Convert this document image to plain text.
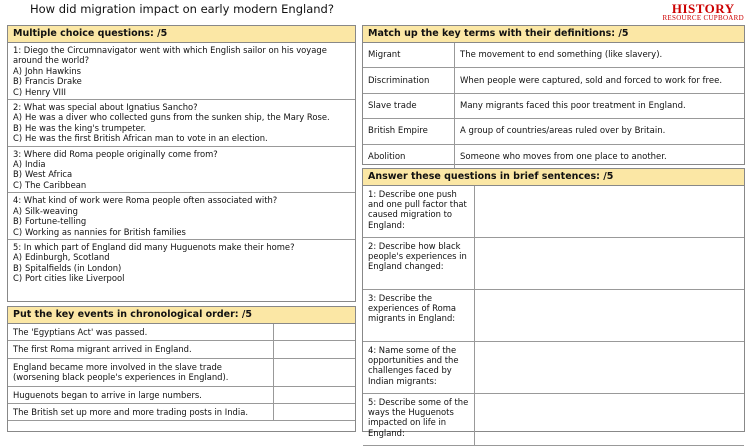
How did migration impact on early modern England?	HISTORY
RESOURCE CUPBOARD
Multiple choice questions: /5
1: Diego the Circumnavigator went with which English sailor on his voyage around the world?
A) John Hawkins
B) Francis Drake
C) Henry VIII
2: What was special about Ignatius Sancho?
A) He was a diver who collected guns from the sunken ship, the Mary Rose.
B) He was the king's trumpeter.
C) He was the first British African man to vote in an election.
3: Where did Roma people originally come from?
A) India
B) West Africa
C) The Caribbean
4: What kind of work were Roma people often associated with?
A) Silk-weaving
B) Fortune-telling
C) Working as nannies for British families
5: In which part of England did many Huguenots make their home?
A) Edinburgh, Scotland
B) Spitalfields (in London)
C) Port cities like Liverpool
Put the key events in chronological order: /5
The 'Egyptians Act' was passed.
The first Roma migrant arrived in England.
England became more involved in the slave trade (worsening black people's experiences in England).
Huguenots began to arrive in large numbers.
The British set up more and more trading posts in India.
Match up the key terms with their definitions: /5
Migrant	The movement to end something (like slavery).
Discrimination	When people were captured, sold and forced to work for free.
Slave trade	Many migrants faced this poor treatment in England.
British Empire	A group of countries/areas ruled over by Britain.
Abolition	Someone who moves from one place to another.
Answer these questions in brief sentences: /5
1: Describe one push and one pull factor that caused migration to England:
2: Describe how black people's experiences in England changed:
3: Describe the experiences of Roma migrants in England:
4: Name some of the opportunities and the challenges faced by Indian migrants:
5: Describe some of the ways the Huguenots impacted on life in England:
